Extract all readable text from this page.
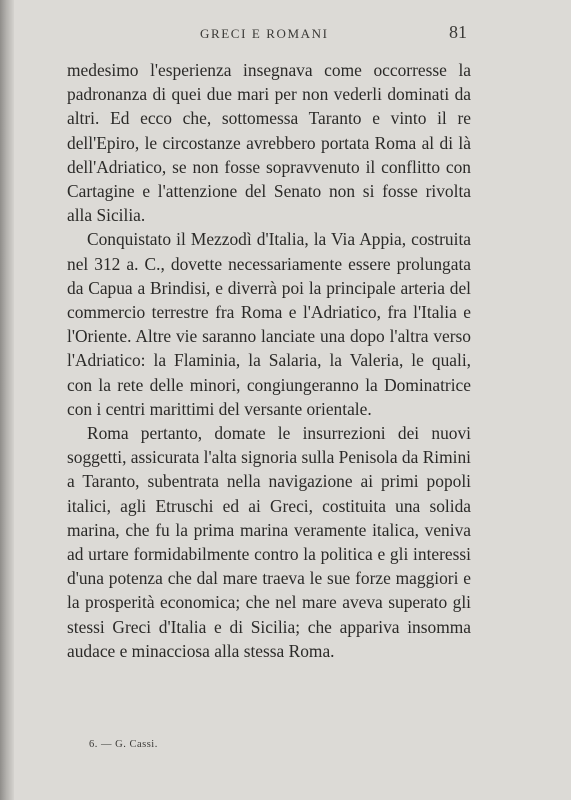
GRECI E ROMANI	81

medesimo l'esperienza insegnava come occorresse la padronanza di quei due mari per non vederli dominati da altri. Ed ecco che, sottomessa Taranto e vinto il re dell'Epiro, le circostanze avrebbero portata Roma al di là dell'Adriatico, se non fosse sopravvenuto il conflitto con Cartagine e l'attenzione del Senato non si fosse rivolta alla Sicilia.

Conquistato il Mezzodì d'Italia, la Via Appia, costruita nel 312 a. C., dovette necessariamente essere prolungata da Capua a Brindisi, e diverrà poi la principale arteria del commercio terrestre fra Roma e l'Adriatico, fra l'Italia e l'Oriente. Altre vie saranno lanciate una dopo l'altra verso l'Adriatico: la Flaminia, la Salaria, la Valeria, le quali, con la rete delle minori, congiungeranno la Dominatrice con i centri marittimi del versante orientale.

Roma pertanto, domate le insurrezioni dei nuovi soggetti, assicurata l'alta signoria sulla Penisola da Rimini a Taranto, subentrata nella navigazione ai primi popoli italici, agli Etruschi ed ai Greci, costituita una solida marina, che fu la prima marina veramente italica, veniva ad urtare formidabilmente contro la politica e gli interessi d'una potenza che dal mare traeva le sue forze maggiori e la prosperità economica; che nel mare aveva superato gli stessi Greci d'Italia e di Sicilia; che appariva insomma audace e minacciosa alla stessa Roma.

6. — G. Cassi.
